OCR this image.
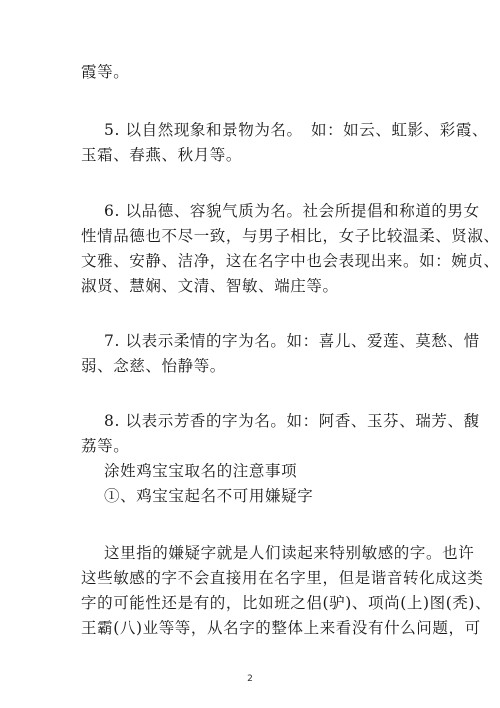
霞等。
5. 以自然现象和景物为名。　如：如云、虹影、彩霞、
玉霜、春燕、秋月等。
6. 以品德、容貌气质为名。社会所提倡和称道的男女
性情品德也不尽一致，与男子相比，女子比较温柔、贤淑、
文雅、安静、洁净，这在名字中也会表现出来。如：婉贞、
淑贤、慧娴、文清、智敏、端庄等。
7. 以表示柔情的字为名。如：喜儿、爱莲、莫愁、惜
弱、念慈、怡静等。
8. 以表示芳香的字为名。如：阿香、玉芬、瑞芳、馥
荔等。
涂姓鸡宝宝取名的注意事项
①、鸡宝宝起名不可用嫌疑字
这里指的嫌疑字就是人们读起来特别敏感的字。也许
这些敏感的字不会直接用在名字里，但是谐音转化成这类
字的可能性还是有的，比如班之侣(驴)、项尚(上)图(秃)、
王霸(八)业等等，从名字的整体上来看没有什么问题，可
2
